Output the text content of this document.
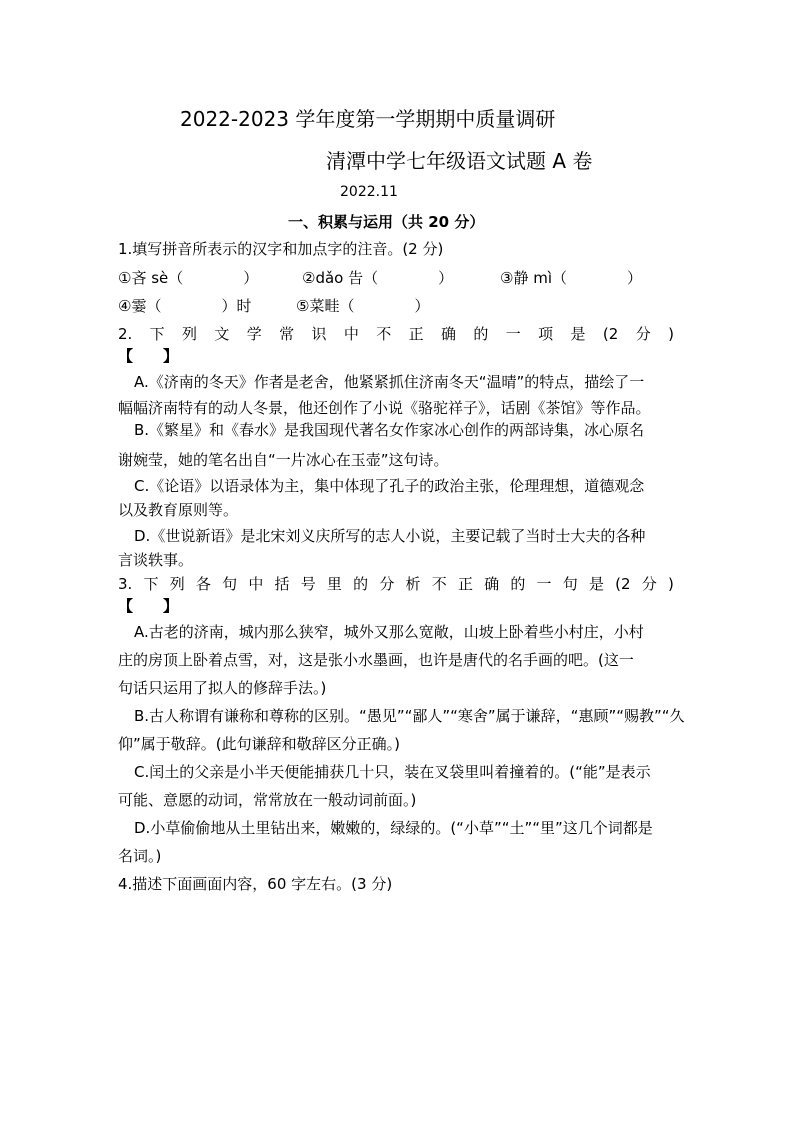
2022-2023 学年度第一学期期中质量调研
清潭中学七年级语文试题 A 卷
2022.11
一、积累与运用（共 20 分）
1.填写拼音所表示的汉字和加点字的注音。(2 分)
①吝 sè（　　　　）	②dǎo 告（　　　　）	③静 mì（　　　　）
④霎（　　　　）时	⑤菜畦（　　　　）
2. 下 列 文 学 常 识 中 不 正 确 的 一 项 是 (2 分 )
【　　】
A.《济南的冬天》作者是老舍，他紧紧抓住济南冬天“温晴”的特点，描绘了一
幅幅济南特有的动人冬景，他还创作了小说《骆驼祥子》，话剧《茶馆》等作品。
B.《繁星》和《春水》是我国现代著名女作家冰心创作的两部诗集，冰心原名
谢婉莹，她的笔名出自“一片冰心在玉壶”这句诗。
C.《论语》以语录体为主，集中体现了孔子的政治主张，伦理理想，道德观念
以及教育原则等。
D.《世说新语》是北宋刘义庆所写的志人小说，主要记载了当时士大夫的各种
言谈轶事。
3. 下 列 各 句 中 括 号 里 的 分 析 不 正 确 的 一 句 是 (2 分 )
【　　】
A.古老的济南，城内那么狭窄，城外又那么宽敞，山坡上卧着些小村庄，小村
庄的房顶上卧着点雪，对，这是张小水墨画，也许是唐代的名手画的吧。(这一
句话只运用了拟人的修辞手法。)
B.古人称谓有谦称和尊称的区别。“愚见”“鄙人”“寒舍”属于谦辞，“惠顾”“赐教”“久
仰”属于敬辞。(此句谦辞和敬辞区分正确。)
C.闰土的父亲是小半天便能捕获几十只，装在叉袋里叫着撞着的。(“能”是表示
可能、意愿的动词，常常放在一般动词前面。)
D.小草偷偷地从土里钻出来，嫩嫩的，绿绿的。(“小草”“土”“里”这几个词都是
名词。)
4.描述下面画面内容，60 字左右。(3 分)
